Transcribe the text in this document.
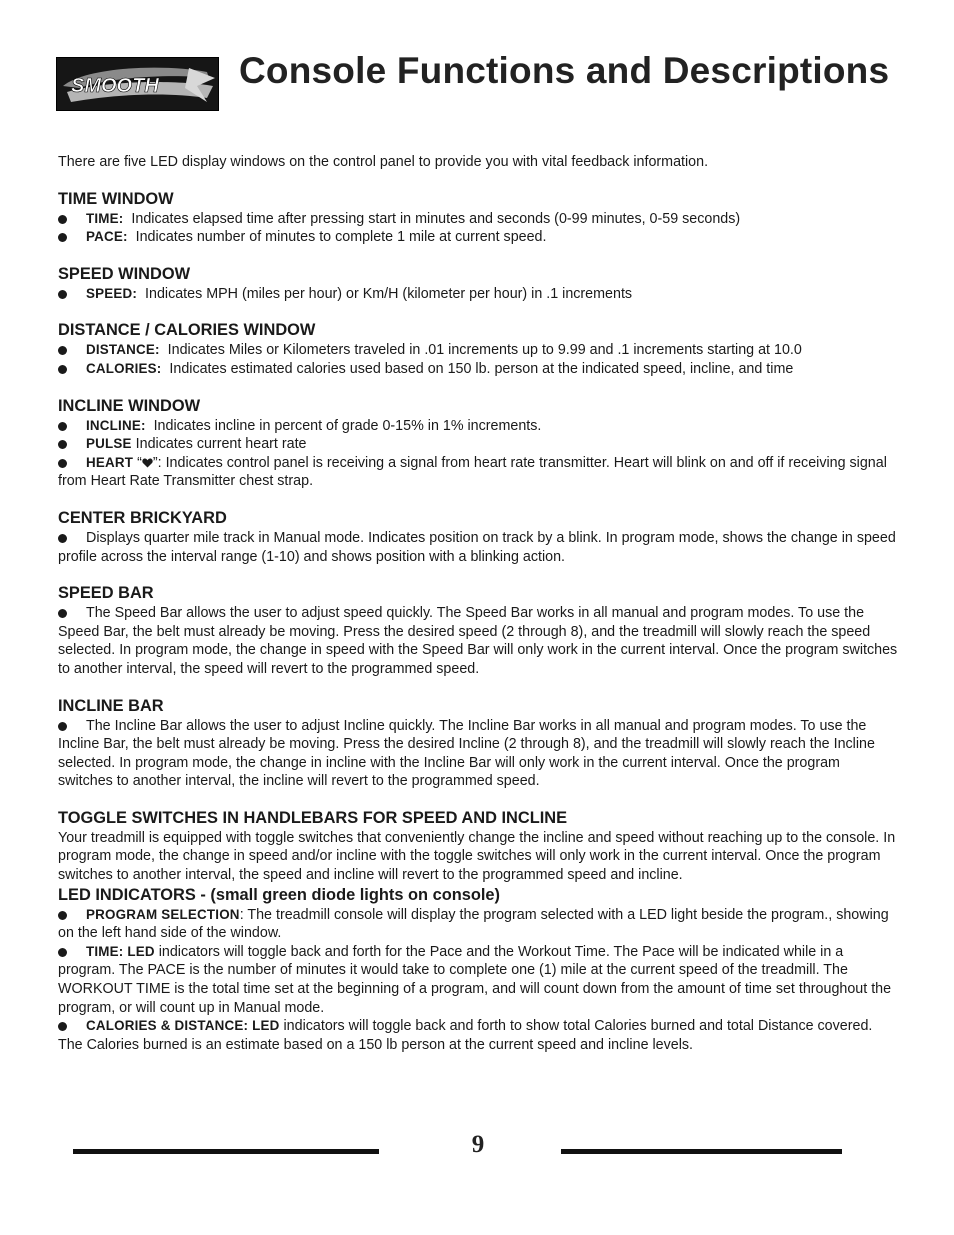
SMOOTH Console Functions and Descriptions

There are five LED display windows on the control panel to provide you with vital feedback information.

TIME WINDOW
TIME: Indicates elapsed time after pressing start in minutes and seconds (0-99 minutes, 0-59 seconds)
PACE: Indicates number of minutes to complete 1 mile at current speed.
SPEED WINDOW
SPEED: Indicates MPH (miles per hour) or Km/H (kilometer per hour) in .1 increments
DISTANCE / CALORIES WINDOW
DISTANCE: Indicates Miles or Kilometers traveled in .01 increments up to 9.99 and .1 increments starting at 10.0
CALORIES: Indicates estimated calories used based on 150 lb. person at the indicated speed, incline, and time
INCLINE WINDOW
INCLINE: Indicates incline in percent of grade 0-15% in 1% increments.
PULSE Indicates current heart rate
HEART “ ”: Indicates control panel is receiving a signal from heart rate transmitter. Heart will blink on and off if receiving signal from Heart Rate Transmitter chest strap.
CENTER BRICKYARD
Displays quarter mile track in Manual mode. Indicates position on track by a blink. In program mode, shows the change in speed profile across the interval range (1-10) and shows position with a blinking action.
SPEED BAR
The Speed Bar allows the user to adjust speed quickly. The Speed Bar works in all manual and program modes. To use the Speed Bar, the belt must already be moving. Press the desired speed (2 through 8), and the treadmill will slowly reach the speed selected. In program mode, the change in speed with the Speed Bar will only work in the current interval. Once the program switches to another interval, the speed will revert to the programmed speed.
INCLINE BAR
The Incline Bar allows the user to adjust Incline quickly. The Incline Bar works in all manual and program modes. To use the Incline Bar, the belt must already be moving. Press the desired Incline (2 through 8), and the treadmill will slowly reach the Incline selected. In program mode, the change in incline with the Incline Bar will only work in the current interval. Once the program switches to another interval, the incline will revert to the programmed speed.
TOGGLE SWITCHES IN HANDLEBARS FOR SPEED AND INCLINE

Your treadmill is equipped with toggle switches that conveniently change the incline and speed without reaching up to the console. In program mode, the change in speed and/or incline with the toggle switches will only work in the current interval. Once the program switches to another interval, the speed and incline will revert to the programmed speed and incline.

LED INDICATORS - (small green diode lights on console)
PROGRAM SELECTION: The treadmill console will display the program selected with a LED light beside the program., showing on the left hand side of the window.
TIME: LED indicators will toggle back and forth for the Pace and the Workout Time. The Pace will be indicated while in a program. The PACE is the number of minutes it would take to complete one (1) mile at the current speed of the treadmill. The WORKOUT TIME is the total time set at the beginning of a program, and will count down from the amount of time set throughout the program, or will count up in Manual mode.
CALORIES & DISTANCE: LED indicators will toggle back and forth to show total Calories burned and total Distance covered. The Calories burned is an estimate based on a 150 lb person at the current speed and incline levels.
9
